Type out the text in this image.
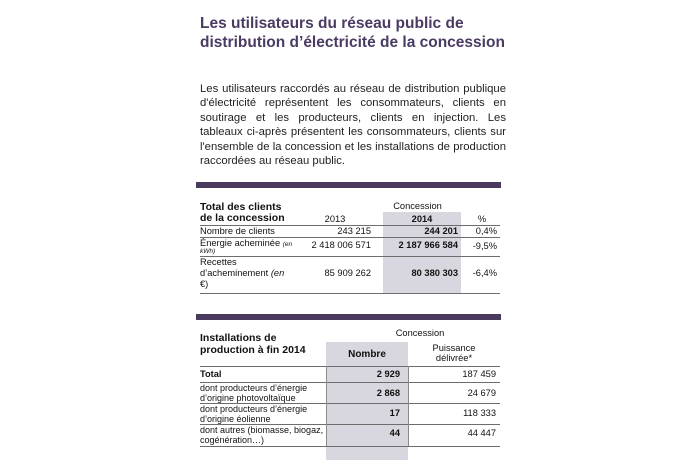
Les utilisateurs du réseau public de
distribution d’électricité de la concession
Les utilisateurs raccordés au réseau de distribution publique d'électricité représentent les consommateurs, clients en soutirage et les producteurs, clients en injection. Les tableaux ci-après présentent les consommateurs, clients sur l'ensemble de la concession et les installations de production raccordées au réseau public.
Total des clients
de la concession
Concession
2013	2014	%
Nombre de clients	243 215	244 201	0,4%
Énergie acheminée (en
kWh)
2 418 006 571	2 187 966 584	-9,5%
Recettes
d’acheminement (en
€)
85 909 262	80 380 303	-6,4%
Installations de
production à fin 2014
Concession
Nombre
Puissance
délivrée*
Total	2 929	187 459
dont producteurs d’énergie
d’origine photovoltaïque	2 868	24 679
dont producteurs d’énergie
d’origine éolienne
17	118 333
dont autres (biomasse, biogaz,
cogénération…)
44	44 447
